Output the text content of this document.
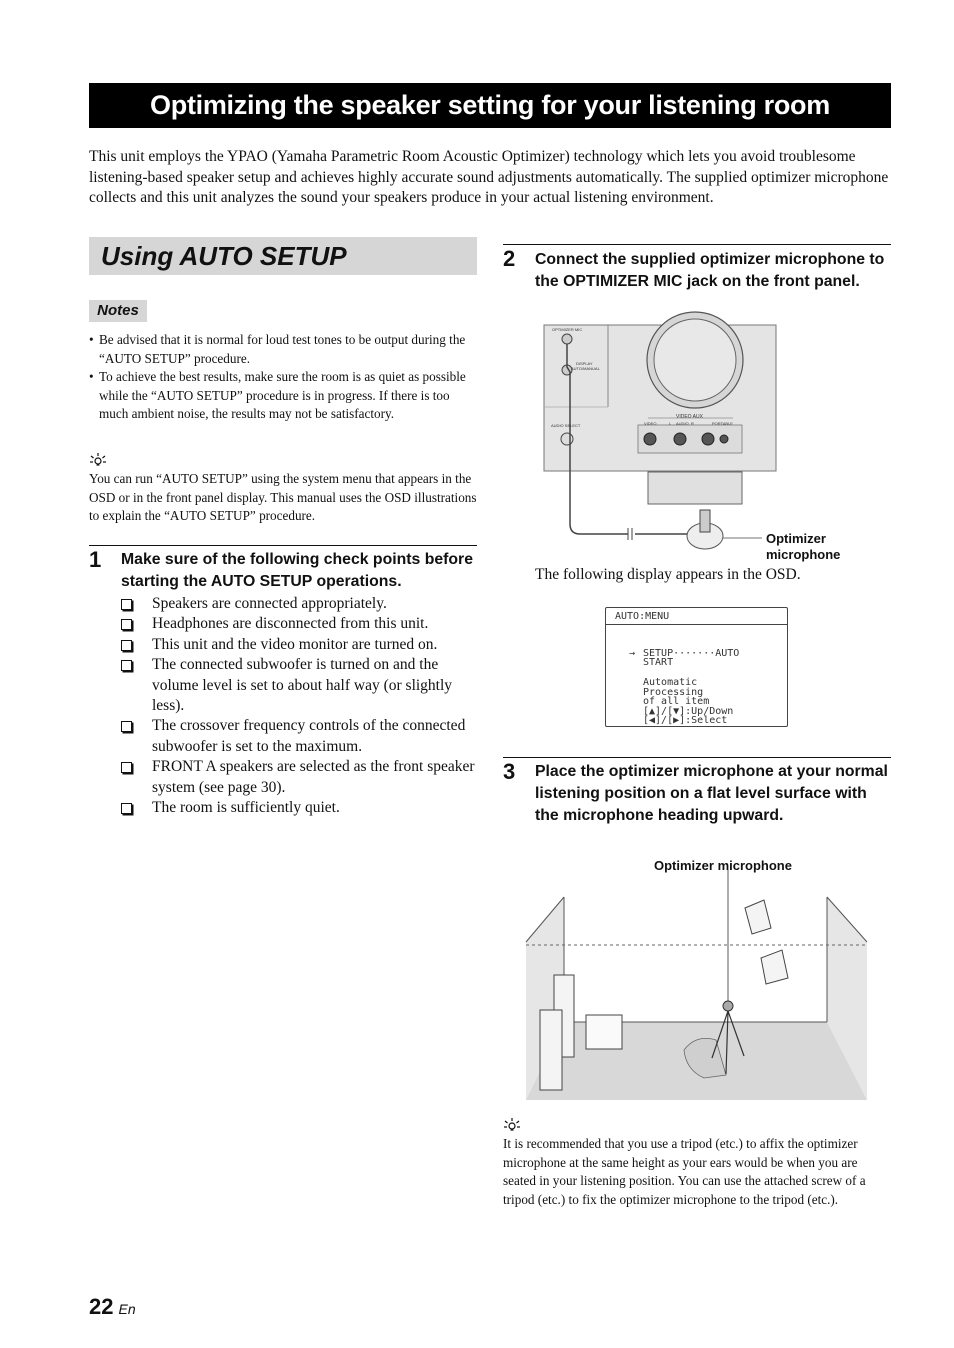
Optimizing the speaker setting for your listening room

This unit employs the YPAO (Yamaha Parametric Room Acoustic Optimizer) technology which lets you avoid troublesome listening-based speaker setup and achieves highly accurate sound adjustments automatically. The supplied optimizer microphone collects and this unit analyzes the sound your speakers produce in your actual listening environment.

Using AUTO SETUP
Notes
• Be advised that it is normal for loud test tones to be output during the “AUTO SETUP” procedure.
• To achieve the best results, make sure the room is as quiet as possible while the “AUTO SETUP” procedure is in progress. If there is too much ambient noise, the results may not be satisfactory.

You can run “AUTO SETUP” using the system menu that appears in the OSD or in the front panel display. This manual uses the OSD illustrations to explain the “AUTO SETUP” procedure.

1 Make sure of the following check points before starting the AUTO SETUP operations.
Speakers are connected appropriately.
Headphones are disconnected from this unit.
This unit and the video monitor are turned on.
The connected subwoofer is turned on and the volume level is set to about half way (or slightly less).
The crossover frequency controls of the connected subwoofer is set to the maximum.
FRONT A speakers are selected as the front speaker system (see page 30).
The room is sufficiently quiet.
2 Connect the supplied optimizer microphone to the OPTIMIZER MIC jack on the front panel.
OPTIMIZER MIC
DISPLAY
AUTO/MANUAL
AUDIO SELECT
VIDEO AUX
VIDEO	L AUDIO R	PORTABLE
Optimizer microphone
The following display appears in the OSD.
AUTO:MENU
→ SETUP·······AUTO
START
Automatic
Processing
of all item
[▲]/[▼]:Up/Down
[◀]/[▶]:Select
3 Place the optimizer microphone at your normal listening position on a flat level surface with the microphone heading upward.
Optimizer microphone

It is recommended that you use a tripod (etc.) to affix the optimizer microphone at the same height as your ears would be when you are seated in your listening position. You can use the attached screw of a tripod (etc.) to fix the optimizer microphone to the tripod (etc.).

22 En
